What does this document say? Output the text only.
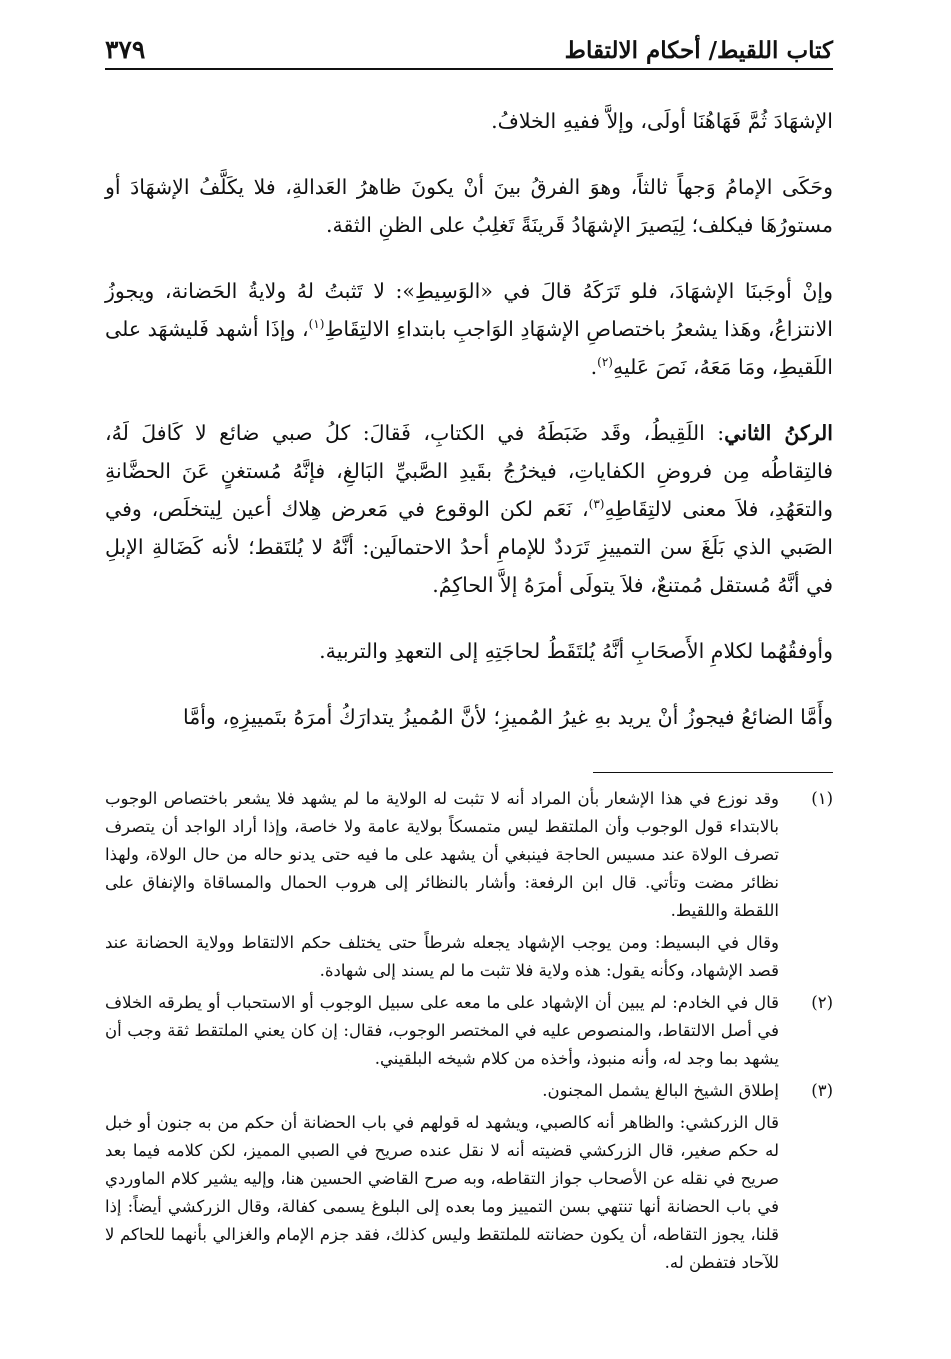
كتاب اللقيط/ أحكام الالتقاط
٣٧٩

الإشهَادَ ثُمَّ فَهَاهُنَا أولَى، وإلاَّ ففيهِ الخلافُ.

وحَكَى الإمامُ وَجهاً ثالثاً، وهوَ الفرقُ بينَ أنْ يكونَ ظاهرُ العَدالةِ، فلا يكَلَّفُ الإشهَادَ أو مستورُهَا فيكلف؛ لِيَصيرَ الإشهَادُ قَرينَةً تَغلِبُ على الظنِ الثقة.

وإنْ أوجَبنَا الإشهَادَ، فلو تَرَكَهُ قالَ في «الوَسِيطِ»: لا تَثبتُ لهُ ولايةُ الحَضانة، ويجوزُ الانتزاعُ، وهَذا يشعرُ باختصاصِ الإشهَادِ الوَاجبِ بابتداءِ الالتِقَاطِ$^{(١)}$، وإذَا أشهد فَليشهَد على اللَقيطِ، ومَا مَعَهُ، نَصَ عَليهِ$^{(٢)}$.

الركنُ الثاني: اللَقِيطُ، وقَد ضَبَطَهُ في الكتابِ، فَقالَ: كلُ صبي ضائع لا كَافلَ لَهُ، فالتِقاطُه مِن فروضِ الكفاياتِ، فيخرُجُ بقَيدِ الصَّبيِّ البَالغِ، فإنَّهُ مُستغنٍ عَنَ الحضَّانةِ والتعَهُدِ، فلاَ معنى لالتِقَاطِهِ$^{(٣)}$، نَعَم لكن الوقوع في مَعرض هِلاك أعين لِيتخلَص، وفي الصَبي الذي بَلَغَ سن التمييزِ تَرَددٌ للإمامِ أحدُ الاحتمالَين: أنَّهُ لا يُلتَقط؛ لأنه كَضَالةِ الإبلِ في أنَّهُ مُستقل مُمتنعٌ، فلاَ يتولَى أمرَهُ إلاَّ الحاكِمُ.

وأوفقُهُما لكلامِ الأَصحَابِ أنَّهُ يُلتَقَطُ لحاجَتِهِ إلى التعهدِ والتربية.

وأَمَّا الضائعُ فيجوزُ أنْ يريد بهِ غيرُ المُميزِ؛ لأنَّ المُميزُ يتدارَكُ أمرَهُ بتَمييزِهِ، وأمَّا

(١)

وقد نوزع في هذا الإشعار بأن المراد أنه لا تثبت له الولاية ما لم يشهد فلا يشعر باختصاص الوجوب بالابتداء قول الوجوب وأن الملتقط ليس متمسكاً بولاية عامة ولا خاصة، وإذا أراد الواجد أن يتصرف تصرف الولاة عند مسيس الحاجة فينبغي أن يشهد على ما فيه حتى يدنو حاله من حال الولاة، ولهذا نظائر مضت وتأتي. قال ابن الرفعة: وأشار بالنظائر إلى هروب الحمال والمساقاة والإنفاق على اللقطة واللقيط.

وقال في البسيط: ومن يوجب الإشهاد يجعله شرطاً حتى يختلف حكم الالتقاط وولاية الحضانة عند قصد الإشهاد، وكأنه يقول: هذه ولاية فلا تثبت ما لم يسند إلى شهادة.

(٢)

قال في الخادم: لم يبين أن الإشهاد على ما معه على سبيل الوجوب أو الاستحباب أو يطرقه الخلاف في أصل الالتقاط، والمنصوص عليه في المختصر الوجوب، فقال: إن كان يعني الملتقط ثقة وجب أن يشهد بما وجد له، وأنه منبوذ، وأخذه من كلام شيخه البلقيني.

(٣)

إطلاق الشيخ البالغ يشمل المجنون.

قال الزركشي: والظاهر أنه كالصبي، ويشهد له قولهم في باب الحضانة أن حكم من به جنون أو خبل له حكم صغير، قال الزركشي قضيته أنه لا نقل عنده صريح في الصبي المميز، لكن كلامه فيما بعد صريح في نقله عن الأصحاب جواز التقاطه، وبه صرح القاضي الحسين هنا، وإليه يشير كلام الماوردي في باب الحضانة أنها تنتهي بسن التمييز وما بعده إلى البلوغ يسمى كفالة، وقال الزركشي أيضاً: إذا قلنا، يجوز التقاطه، أن يكون حضانته للملتقط وليس كذلك، فقد جزم الإمام والغزالي بأنهما للحاكم لا للآحاد فتفطن له.
